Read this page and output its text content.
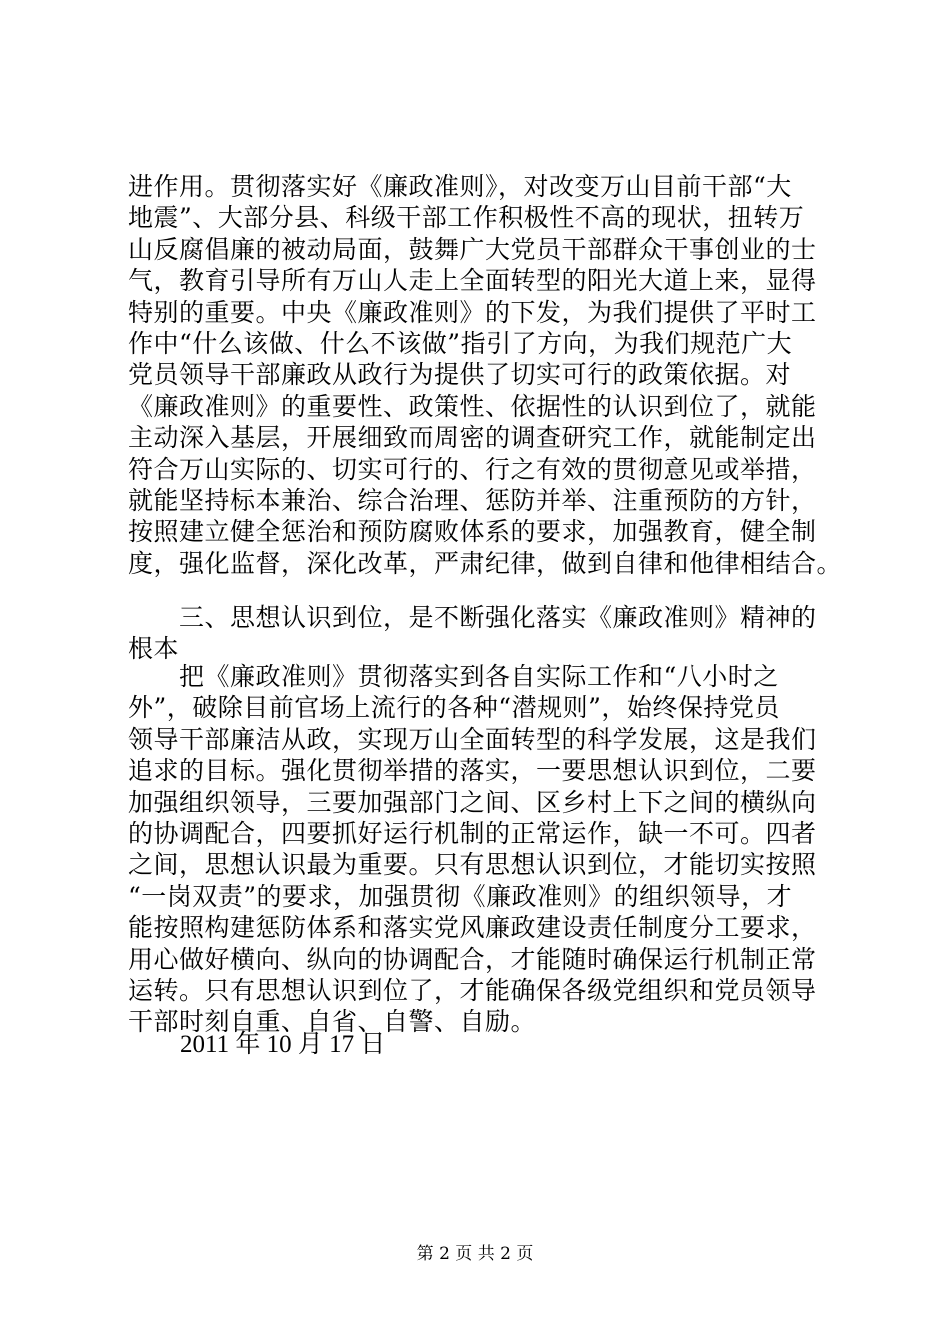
进作用。贯彻落实好《廉政准则》，对改变万山目前干部“大
地震”、大部分县、科级干部工作积极性不高的现状，扭转万
山反腐倡廉的被动局面，鼓舞广大党员干部群众干事创业的士
气，教育引导所有万山人走上全面转型的阳光大道上来，显得
特别的重要。中央《廉政准则》的下发，为我们提供了平时工
作中“什么该做、什么不该做”指引了方向，为我们规范广大
党员领导干部廉政从政行为提供了切实可行的政策依据。对
《廉政准则》的重要性、政策性、依据性的认识到位了，就能
主动深入基层，开展细致而周密的调查研究工作，就能制定出
符合万山实际的、切实可行的、行之有效的贯彻意见或举措，
就能坚持标本兼治、综合治理、惩防并举、注重预防的方针，
按照建立健全惩治和预防腐败体系的要求，加强教育，健全制
度，强化监督，深化改革，严肃纪律，做到自律和他律相结合。
　　三、思想认识到位，是不断强化落实《廉政准则》精神的
根本
　　把《廉政准则》贯彻落实到各自实际工作和“八小时之
外”，破除目前官场上流行的各种“潜规则”，始终保持党员
领导干部廉洁从政，实现万山全面转型的科学发展，这是我们
追求的目标。强化贯彻举措的落实，一要思想认识到位，二要
加强组织领导，三要加强部门之间、区乡村上下之间的横纵向
的协调配合，四要抓好运行机制的正常运作，缺一不可。四者
之间，思想认识最为重要。只有思想认识到位，才能切实按照
“一岗双责”的要求，加强贯彻《廉政准则》的组织领导，才
能按照构建惩防体系和落实党风廉政建设责任制度分工要求，
用心做好横向、纵向的协调配合，才能随时确保运行机制正常
运转。只有思想认识到位了，才能确保各级党组织和党员领导
干部时刻自重、自省、自警、自励。
2011 年 10 月 17 日
第 2 页 共 2 页
